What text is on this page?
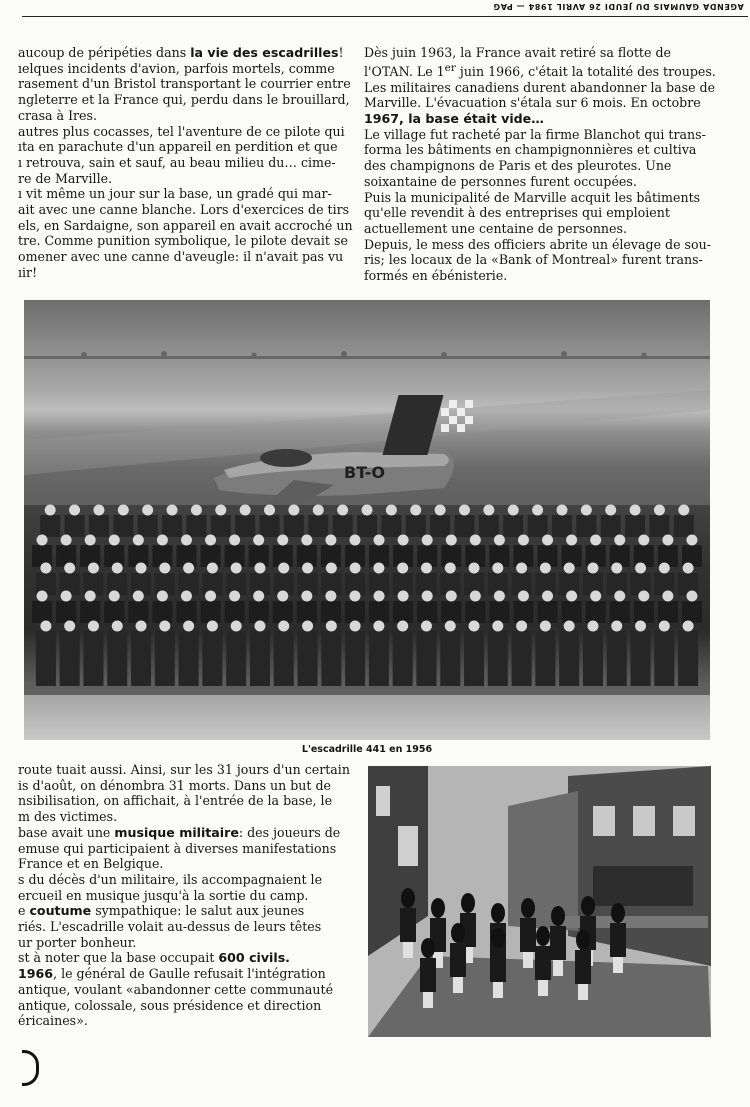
AGENDA GAUMAIS DU JEUDI 26 AVRIL 1984 — PAG

aucoup de péripéties dans la vie des escadrilles!

ıelques incidents d'avion, parfois mortels, comme

rasement d'un Bristol transportant le courrier entre

ngleterre et la France qui, perdu dans le brouillard,

crasa à Ires.

autres plus cocasses, tel l'aventure de ce pilote qui

ıta en parachute d'un appareil en perdition et que

ı retrouva, sain et sauf, au beau milieu du… cime-

re de Marville.

ı vit même un jour sur la base, un gradé qui mar-

ait avec une canne blanche. Lors d'exercices de tirs

els, en Sardaigne, son appareil en avait accroché un

tre. Comme punition symbolique, le pilote devait se

omener avec une canne d'aveugle: il n'avait pas vu

ıir!

Dès juin 1963, la France avait retiré sa flotte de

l'OTAN. Le 1er juin 1966, c'était la totalité des troupes.

Les militaires canadiens durent abandonner la base de

Marville. L'évacuation s'étala sur 6 mois. En octobre

1967, la base était vide…

Le village fut racheté par la firme Blanchot qui trans-

forma les bâtiments en champignonnières et cultiva

des champignons de Paris et des pleurotes. Une

soixantaine de personnes furent occupées.

Puis la municipalité de Marville acquit les bâtiments

qu'elle revendit à des entreprises qui emploient

actuellement une centaine de personnes.

Depuis, le mess des officiers abrite un élevage de sou-

ris; les locaux de la «Bank of Montreal» furent trans-

formés en ébénisterie.

BT-O
L'escadrille 441 en 1956

route tuait aussi. Ainsi, sur les 31 jours d'un certain

is d'août, on dénombra 31 morts. Dans un but de

nsibilisation, on affichait, à l'entrée de la base, le

m des victimes.

base avait une musique militaire: des joueurs de

emuse qui participaient à diverses manifestations

France et en Belgique.

s du décès d'un militaire, ils accompagnaient le

ercueil en musique jusqu'à la sortie du camp.

e coutume sympathique: le salut aux jeunes

riés. L'escadrille volait au-dessus de leurs têtes

ur porter bonheur.

st à noter que la base occupait 600 civils.

1966, le général de Gaulle refusait l'intégration

antique, voulant «abandonner cette communauté

antique, colossale, sous présidence et direction

éricaines».
